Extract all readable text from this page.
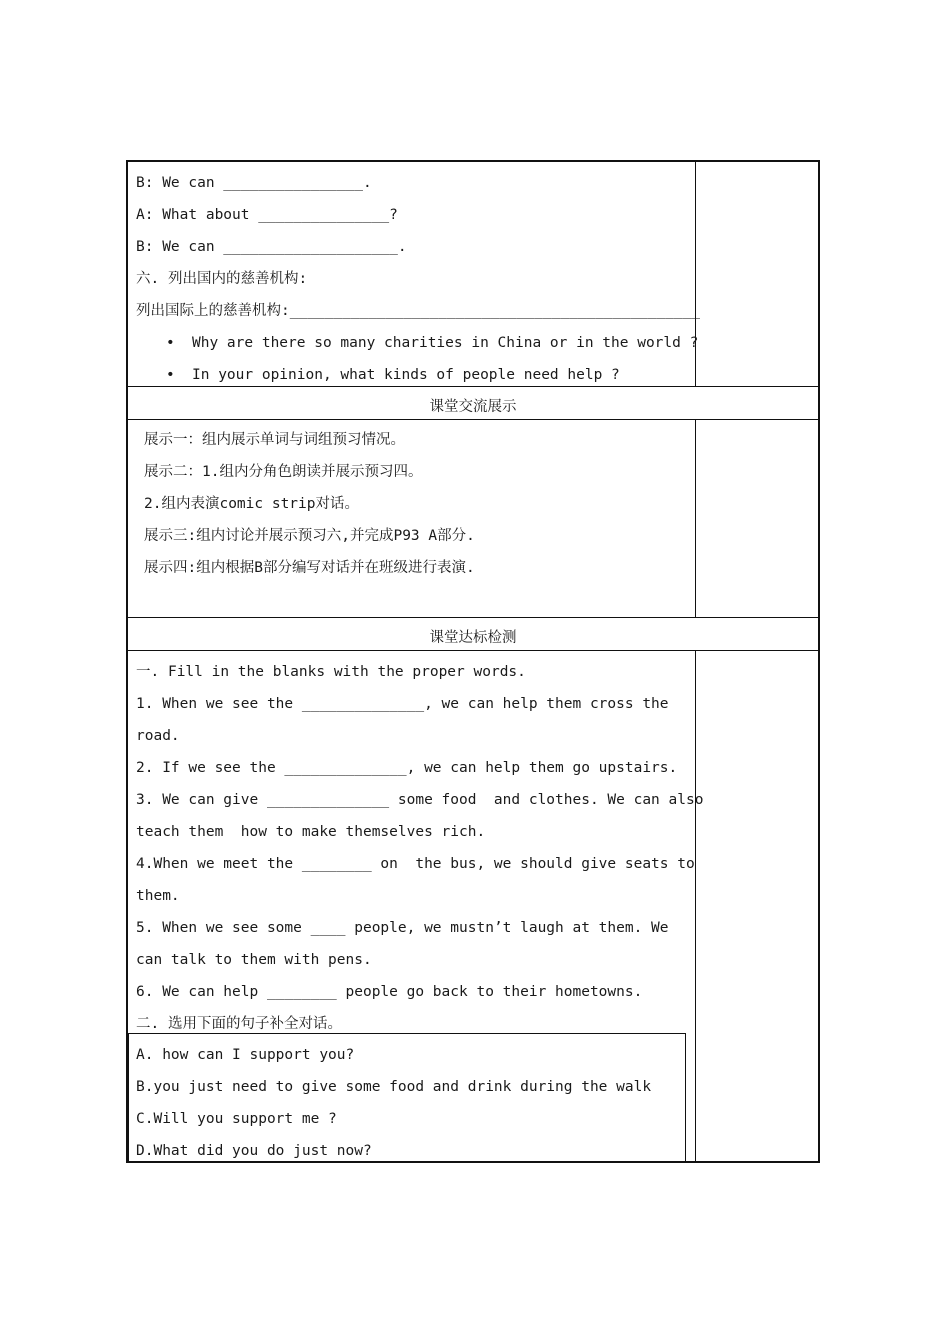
B: We can ________________.
A: What about _______________?
B: We can ____________________.
六. 列出国内的慈善机构:
列出国际上的慈善机构:_______________________________________________
• Why are there so many charities in China or in the world ?
• In your opinion, what kinds of people need help ?
课堂交流展示
展示一：组内展示单词与词组预习情况。
展示二：1.组内分角色朗读并展示预习四。
2.组内表演comic strip对话。
展示三:组内讨论并展示预习六,并完成P93 A部分.
展示四:组内根据B部分编写对话并在班级进行表演.
课堂达标检测
一. Fill in the blanks with the proper words.
1. When we see the ______________, we can help them cross the
road.
2. If we see the ______________, we can help them go upstairs.
3. We can give ______________ some food  and clothes. We can also
teach them  how to make themselves rich.
4.When we meet the ________ on  the bus, we should give seats to
them.
5. When we see some ____ people, we mustn’t laugh at them. We
can talk to them with pens.
6. We can help ________ people go back to their hometowns.
二. 选用下面的句子补全对话。
A. how can I support you?
B.you just need to give some food and drink during the walk
C.Will you support me ?
D.What did you do just now?
